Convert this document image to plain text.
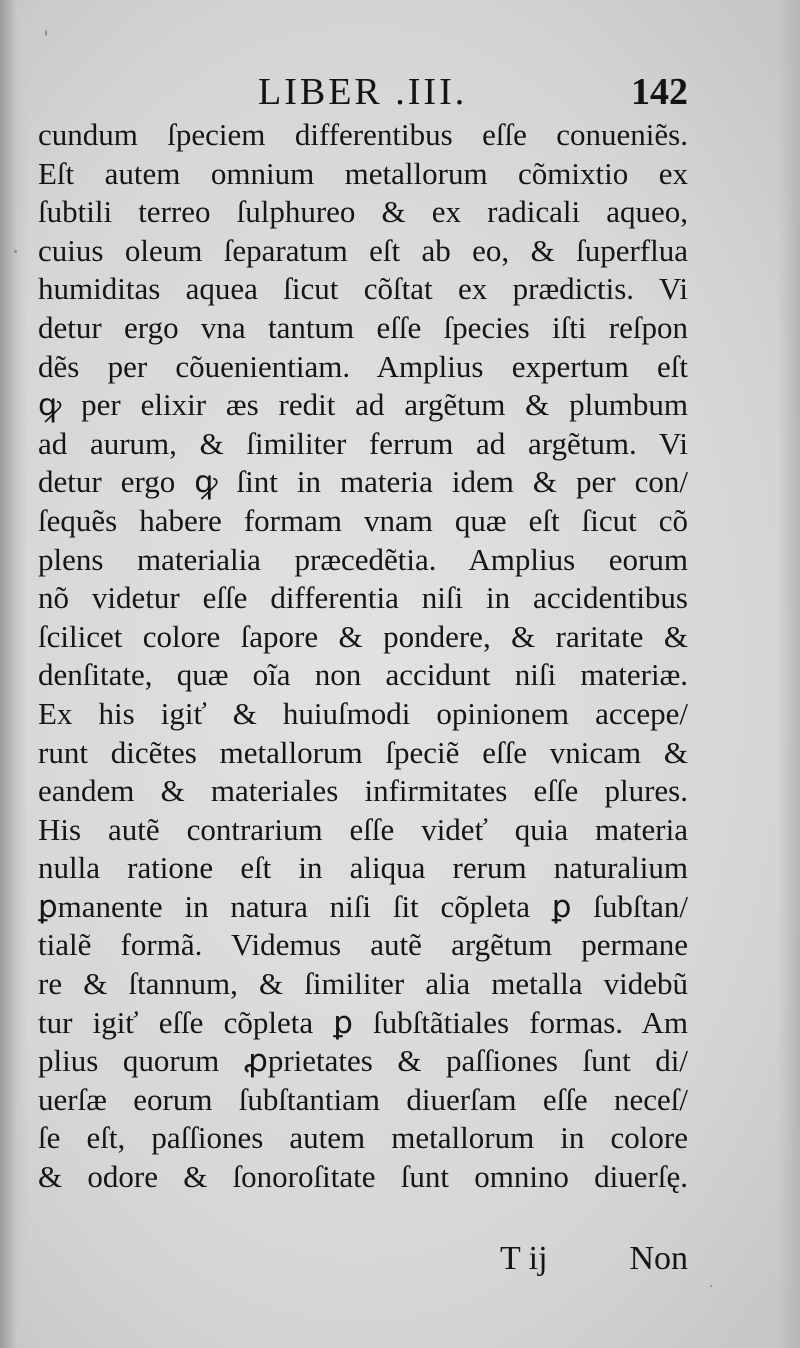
LIBER .III.	142
cundum ſpeciem differentibus eſſe conueniẽs.
Eſt autem omnium metallorum cõmixtio ex
ſubtili terreo ſulphureo & ex radicali aqueo,
cuius oleum ſeparatum eſt ab eo, & ſuperflua
humiditas aquea ſicut cõſtat ex prædictis. Vi
detur ergo vna tantum eſſe ſpecies iſti reſpon
dẽs per cõuenientiam. Amplius expertum eſt
ꝙ per elixir æs redit ad argẽtum & plumbum
ad aurum, & ſimiliter ferrum ad argẽtum. Vi
detur ergo ꝙ ſint in materia idem & per con/
ſequẽs habere formam vnam quæ eſt ſicut cõ
plens materialia præcedẽtia. Amplius eorum
nõ videtur eſſe differentia niſi in accidentibus
ſcilicet colore ſapore & pondere, & raritate &
denſitate, quæ oĩa non accidunt niſi materiæ.
Ex his igiť & huiuſmodi opinionem accepe/
runt dicẽtes metallorum ſpeciẽ eſſe vnicam &
eandem & materiales infirmitates eſſe plures.
His autẽ contrarium eſſe videť quia materia
nulla ratione eſt in aliqua rerum naturalium
ꝑmanente in natura niſi ſit cõpleta ꝑ ſubſtan/
tialẽ formã. Videmus autẽ argẽtum permane
re & ſtannum, & ſimiliter alia metalla videbũ
tur igiť eſſe cõpleta ꝑ ſubſtãtiales formas. Am
plius quorum ꝓprietates & paſſiones ſunt di/
uerſæ eorum ſubſtantiam diuerſam eſſe neceſ/
ſe eſt, paſſiones autem metallorum in colore
& odore & ſonoroſitate ſunt omnino diuerſę.
T ij Non
